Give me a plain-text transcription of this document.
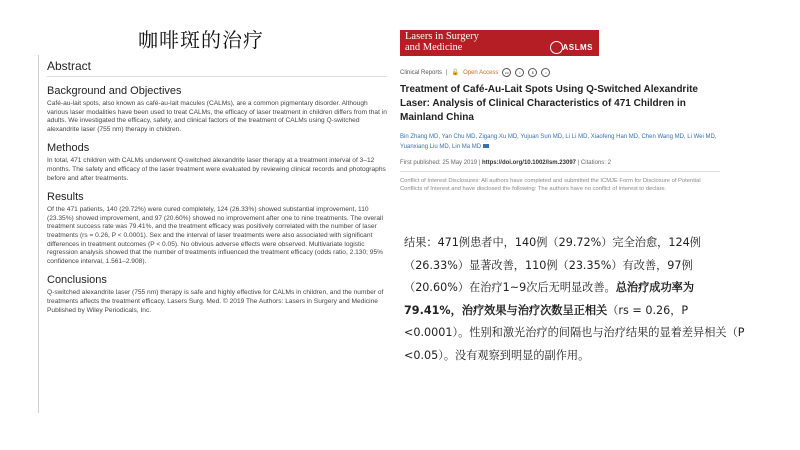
咖啡斑的治疗
Abstract
Background and Objectives

Café-au-lait spots, also known as café-au-lait macules (CALMs), are a common pigmentary disorder. Although various laser modalities have been used to treat CALMs, the efficacy of laser treatment in children differs from that in adults. We investigated the efficacy, safety, and clinical factors of the treatment of CALMs using Q-switched alexandrite laser (755 nm) therapy in children.

Methods

In total, 471 children with CALMs underwent Q-switched alexandrite laser therapy at a treatment interval of 3–12 months. The safety and efficacy of the laser treatment were evaluated by reviewing clinical records and photographs before and after treatments.

Results

Of the 471 patients, 140 (29.72%) were cured completely, 124 (26.33%) showed substantial improvement, 110 (23.35%) showed improvement, and 97 (20.60%) showed no improvement after one to nine treatments. The overall treatment success rate was 79.41%, and the treatment efficacy was positively correlated with the number of laser treatments (rs = 0.26, P < 0.0001). Sex and the interval of laser treatments were also associated with significant differences in treatment outcomes (P < 0.05). No obvious adverse effects were observed. Multivariate logistic regression analysis showed that the number of treatments influenced the treatment efficacy (odds ratio, 2.130; 95% confidence interval, 1.561–2.908).

Conclusions

Q-switched alexandrite laser (755 nm) therapy is safe and highly effective for CALMs in children, and the number of treatments affects the treatment efficacy. Lasers Surg. Med. © 2019 The Authors: Lasers in Surgery and Medicine Published by Wiley Periodicals, Inc.

Lasers in Surgery
and Medicine	ASLMS
Clinical Reports | 🔓 Open Access	cc	i	$	=
Treatment of Café-Au-Lait Spots Using Q-Switched Alexandrite Laser: Analysis of Clinical Characteristics of 471 Children in Mainland China
Bin Zhang MD, Yan Chu MD, Zigang Xu MD, Yujuan Sun MD, Li Li MD, Xiaofeng Han MD, Chen Wang MD, Li Wei MD, Yuanxiang Liu MD, Lin Ma MD
First published: 25 May 2019 | https://doi.org/10.1002/lsm.23097 | Citations: 2
Conflict of Interest Disclosures: All authors have completed and submitted the ICMJE Form for Disclosure of Potential Conflicts of Interest and have disclosed the following: The authors have no conflict of interest to declare.
结果：471例患者中，140例（29.72%）完全治愈，124例（26.33%）显著改善，110例（23.35%）有改善，97例（20.60%）在治疗1~9次后无明显改善。总治疗成功率为79.41%，治疗效果与治疗次数呈正相关（rs = 0.26，P <0.0001）。性别和激光治疗的间隔也与治疗结果的显着差异相关（P <0.05）。没有观察到明显的副作用。
